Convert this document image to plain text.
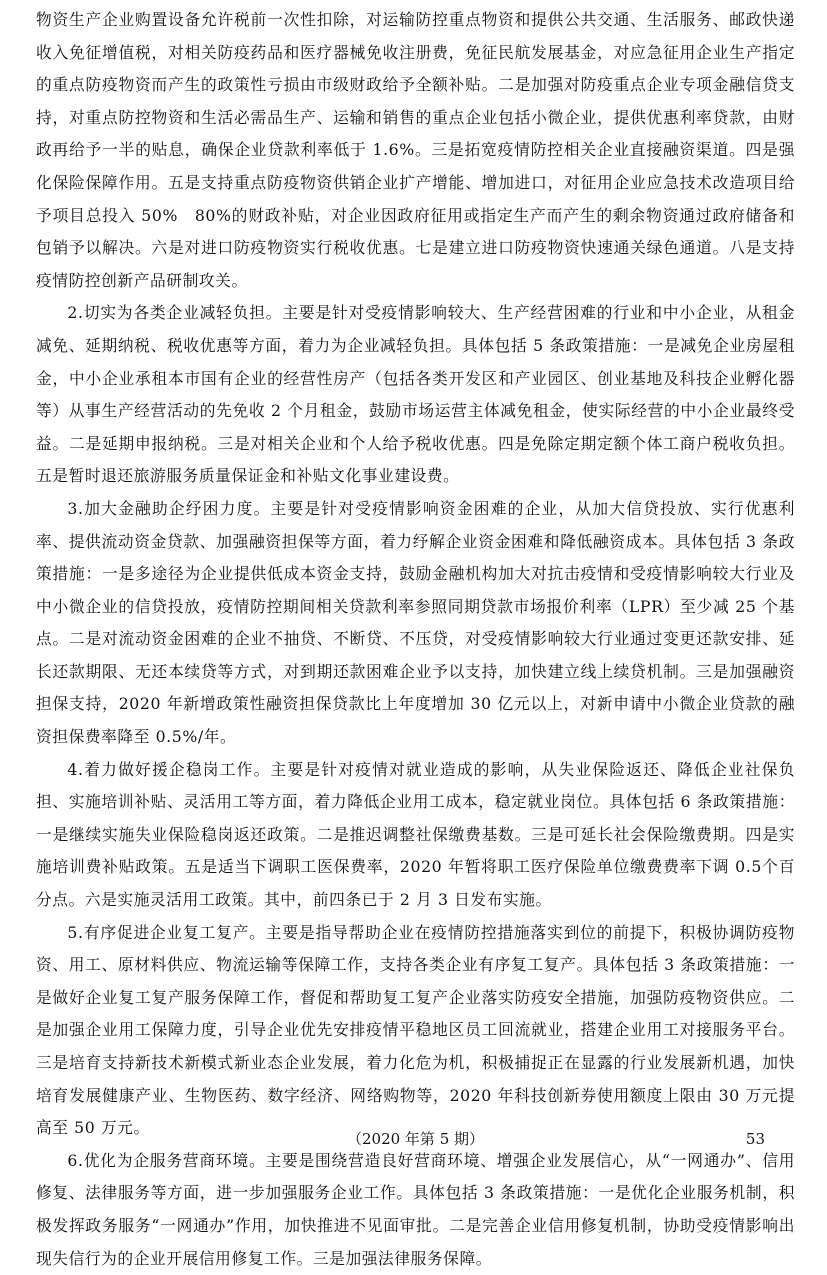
物资生产企业购置设备允许税前一次性扣除，对运输防控重点物资和提供公共交通、生活服务、邮政快递收入免征增值税，对相关防疫药品和医疗器械免收注册费，免征民航发展基金，对应急征用企业生产指定的重点防疫物资而产生的政策性亏损由市级财政给予全额补贴。二是加强对防疫重点企业专项金融信贷支持，对重点防控物资和生活必需品生产、运输和销售的重点企业包括小微企业，提供优惠利率贷款，由财政再给予一半的贴息，确保企业贷款利率低于 1.6%。三是拓宽疫情防控相关企业直接融资渠道。四是强化保险保障作用。五是支持重点防疫物资供销企业扩产增能、增加进口，对征用企业应急技术改造项目给予项目总投入 50%　80%的财政补贴，对企业因政府征用或指定生产而产生的剩余物资通过政府储备和包销予以解决。六是对进口防疫物资实行税收优惠。七是建立进口防疫物资快速通关绿色通道。八是支持疫情防控创新产品研制攻关。

2.切实为各类企业减轻负担。主要是针对受疫情影响较大、生产经营困难的行业和中小企业，从租金减免、延期纳税、税收优惠等方面，着力为企业减轻负担。具体包括 5 条政策措施：一是减免企业房屋租金，中小企业承租本市国有企业的经营性房产（包括各类开发区和产业园区、创业基地及科技企业孵化器等）从事生产经营活动的先免收 2 个月租金，鼓励市场运营主体减免租金，使实际经营的中小企业最终受益。二是延期申报纳税。三是对相关企业和个人给予税收优惠。四是免除定期定额个体工商户税收负担。五是暂时退还旅游服务质量保证金和补贴文化事业建设费。

3.加大金融助企纾困力度。主要是针对受疫情影响资金困难的企业，从加大信贷投放、实行优惠利率、提供流动资金贷款、加强融资担保等方面，着力纾解企业资金困难和降低融资成本。具体包括 3 条政策措施：一是多途径为企业提供低成本资金支持，鼓励金融机构加大对抗击疫情和受疫情影响较大行业及中小微企业的信贷投放，疫情防控期间相关贷款利率参照同期贷款市场报价利率（LPR）至少减 25 个基点。二是对流动资金困难的企业不抽贷、不断贷、不压贷，对受疫情影响较大行业通过变更还款安排、延长还款期限、无还本续贷等方式，对到期还款困难企业予以支持，加快建立线上续贷机制。三是加强融资担保支持，2020 年新增政策性融资担保贷款比上年度增加 30 亿元以上，对新申请中小微企业贷款的融资担保费率降至 0.5%/年。

4.着力做好援企稳岗工作。主要是针对疫情对就业造成的影响，从失业保险返还、降低企业社保负担、实施培训补贴、灵活用工等方面，着力降低企业用工成本，稳定就业岗位。具体包括 6 条政策措施：一是继续实施失业保险稳岗返还政策。二是推迟调整社保缴费基数。三是可延长社会保险缴费期。四是实施培训费补贴政策。五是适当下调职工医保费率，2020 年暂将职工医疗保险单位缴费费率下调 0.5个百分点。六是实施灵活用工政策。其中，前四条已于 2 月 3 日发布实施。

5.有序促进企业复工复产。主要是指导帮助企业在疫情防控措施落实到位的前提下，积极协调防疫物资、用工、原材料供应、物流运输等保障工作，支持各类企业有序复工复产。具体包括 3 条政策措施：一是做好企业复工复产服务保障工作，督促和帮助复工复产企业落实防疫安全措施，加强防疫物资供应。二是加强企业用工保障力度，引导企业优先安排疫情平稳地区员工回流就业，搭建企业用工对接服务平台。三是培育支持新技术新模式新业态企业发展，着力化危为机，积极捕捉正在显露的行业发展新机遇，加快培育发展健康产业、生物医药、数字经济、网络购物等，2020 年科技创新券使用额度上限由 30 万元提高至 50 万元。

6.优化为企服务营商环境。主要是围绕营造良好营商环境、增强企业发展信心，从“一网通办”、信用修复、法律服务等方面，进一步加强服务企业工作。具体包括 3 条政策措施：一是优化企业服务机制，积极发挥政务服务“一网通办”作用，加快推进不见面审批。二是完善企业信用修复机制，协助受疫情影响出现失信行为的企业开展信用修复工作。三是加强法律服务保障。

（2020 年第 5 期）	53
